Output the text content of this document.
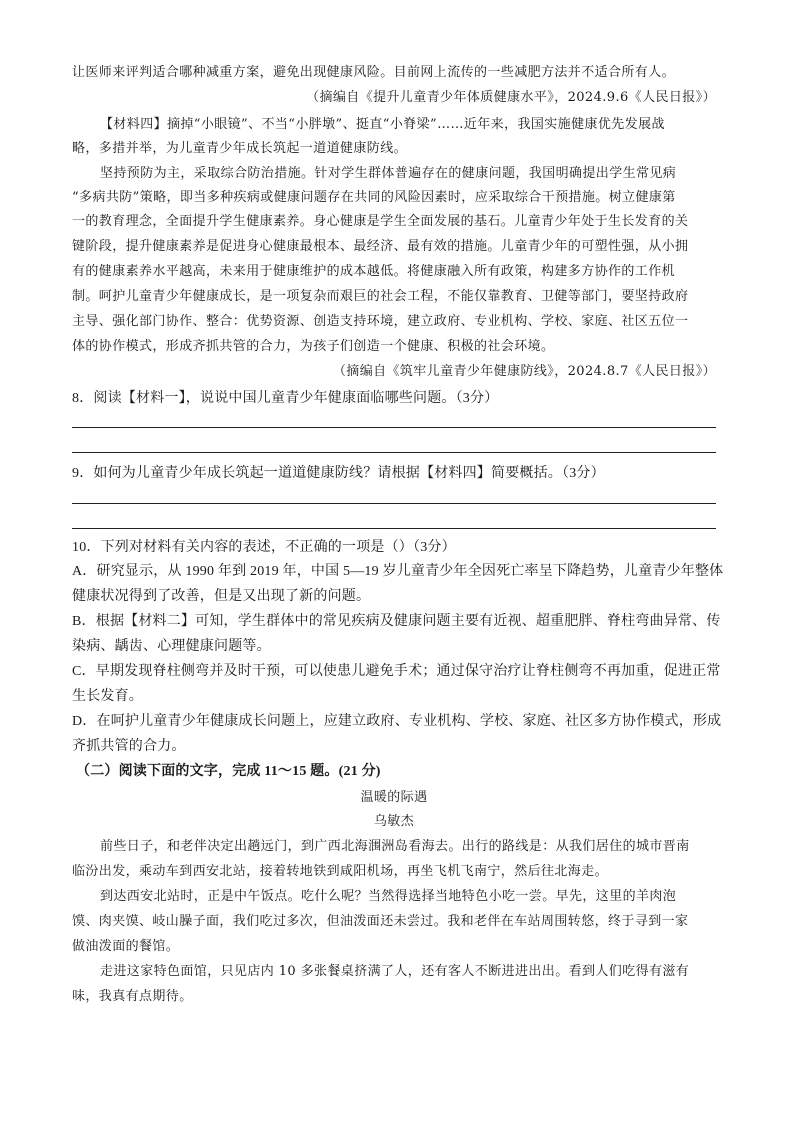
让医师来评判适合哪种减重方案，避免出现健康风险。目前网上流传的一些减肥方法并不适合所有人。
（摘编自《提升儿童青少年体质健康水平》，2024.9.6《人民日报》）
【材料四】摘掉“小眼镜”、不当“小胖墩”、挺直“小脊梁”……近年来，我国实施健康优先发展战
略，多措并举，为儿童青少年成长筑起一道道健康防线。
坚持预防为主，采取综合防治措施。针对学生群体普遍存在的健康问题，我国明确提出学生常见病
“多病共防”策略，即当多种疾病或健康问题存在共同的风险因素时，应采取综合干预措施。树立健康第
一的教育理念，全面提升学生健康素养。身心健康是学生全面发展的基石。儿童青少年处于生长发育的关
键阶段，提升健康素养是促进身心健康最根本、最经济、最有效的措施。儿童青少年的可塑性强，从小拥
有的健康素养水平越高，未来用于健康维护的成本越低。将健康融入所有政策，构建多方协作的工作机
制。呵护儿童青少年健康成长，是一项复杂而艰巨的社会工程，不能仅靠教育、卫健等部门，要坚持政府
主导、强化部门协作、整合：优势资源、创造支持环境，建立政府、专业机构、学校、家庭、社区五位一
体的协作模式，形成齐抓共管的合力，为孩子们创造一个健康、积极的社会环境。
（摘编自《筑牢儿童青少年健康防线》，2024.8.7《人民日报》）
8．阅读【材料一】，说说中国儿童青少年健康面临哪些问题。（3分）
9．如何为儿童青少年成长筑起一道道健康防线？请根据【材料四】简要概括。（3分）
10．下列对材料有关内容的表述，不正确的一项是（）（3分）
A．研究显示，从 1990 年到 2019 年，中国 5—19 岁儿童青少年全因死亡率呈下降趋势，儿童青少年整体
健康状况得到了改善，但是又出现了新的问题。
B．根据【材料二】可知，学生群体中的常见疾病及健康问题主要有近视、超重肥胖、脊柱弯曲异常、传
染病、龋齿、心理健康问题等。
C．早期发现脊柱侧弯并及时干预，可以使患儿避免手术；通过保守治疗让脊柱侧弯不再加重，促进正常
生长发育。
D．在呵护儿童青少年健康成长问题上，应建立政府、专业机构、学校、家庭、社区多方协作模式，形成
齐抓共管的合力。
（二）阅读下面的文字，完成 11～15 题。(21 分)
温暖的际遇
乌敏杰
前些日子，和老伴决定出趟远门，到广西北海涠洲岛看海去。出行的路线是：从我们居住的城市晋南
临汾出发，乘动车到西安北站，接着转地铁到咸阳机场，再坐飞机飞南宁，然后往北海走。
到达西安北站时，正是中午饭点。吃什么呢？当然得选择当地特色小吃一尝。早先，这里的羊肉泡
馍、肉夹馍、岐山臊子面，我们吃过多次，但油泼面还未尝过。我和老伴在车站周围转悠，终于寻到一家
做油泼面的餐馆。
走进这家特色面馆，只见店内 10 多张餐桌挤满了人，还有客人不断进进出出。看到人们吃得有滋有
味，我真有点期待。
